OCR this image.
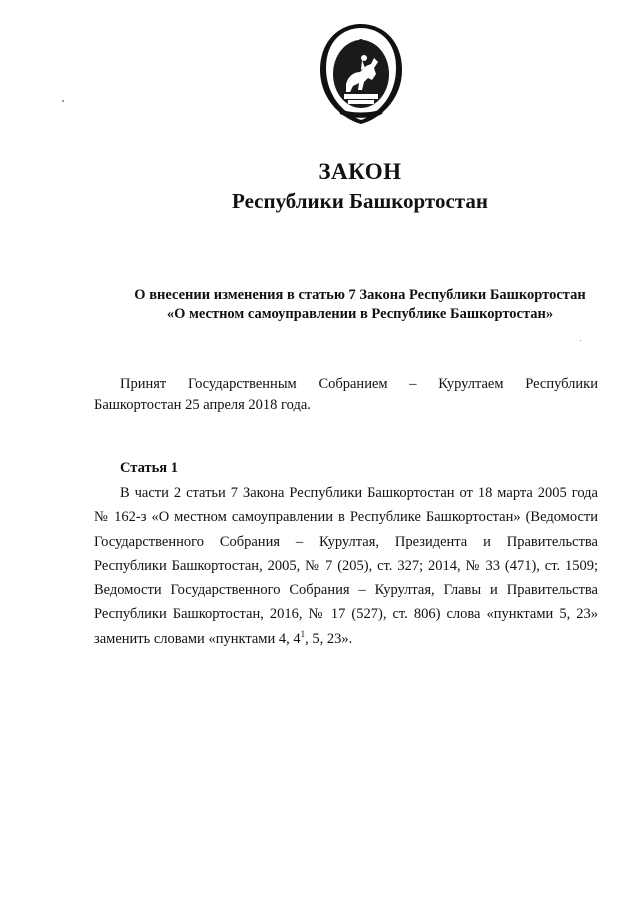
ЗАКОН
Республики Башкортостан
О внесении изменения в статью 7 Закона Республики Башкортостан
«О местном самоуправлении в Республике Башкортостан»
Принят Государственным Собранием – Курултаем Республики
Башкортостан 25 апреля 2018 года.
Статья 1
В части 2 статьи 7 Закона Республики Башкортостан от 18 марта 2005 года
№ 162-з «О местном самоуправлении в Республике Башкортостан» (Ведомости
Государственного Собрания – Курултая, Президента и Правительства
Республики Башкортостан, 2005, № 7 (205), ст. 327; 2014, № 33 (471), ст. 1509;
Ведомости Государственного Собрания – Курултая, Главы и Правительства
Республики Башкортостан, 2016, № 17 (527), ст. 806) слова «пунктами 5, 23»
заменить словами «пунктами 4, $4^1$, 5, 23».
